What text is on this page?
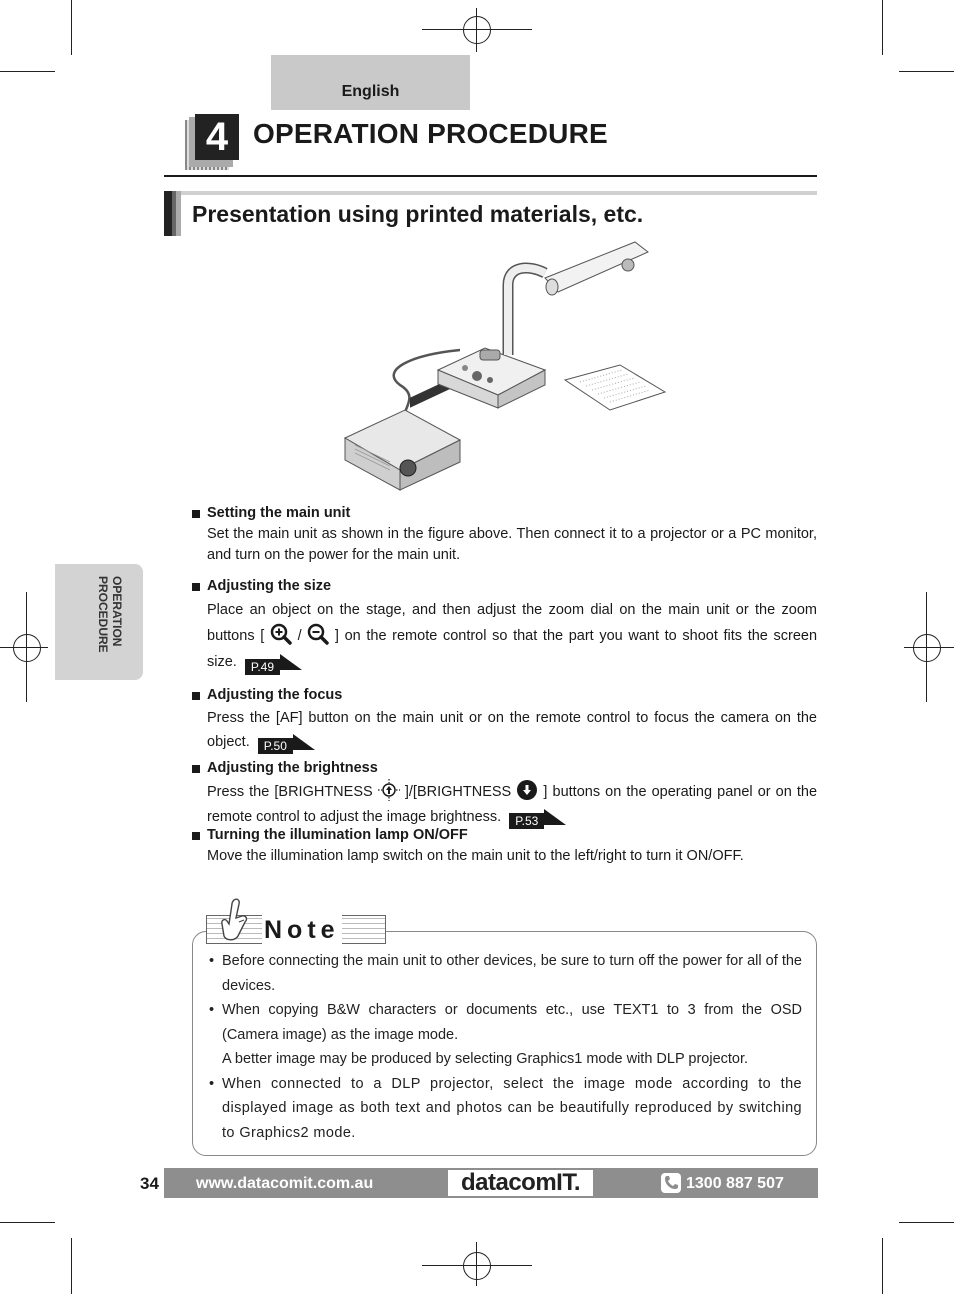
English
4 OPERATION PROCEDURE
Presentation using printed materials, etc.
OPERATION
PROCEDURE
Setting the main unit
Set the main unit as shown in the figure above. Then connect it to a projector or a PC monitor, and turn on the power for the main unit.
Adjusting the size
Place an object on the stage, and then adjust the zoom dial on the main unit or the zoom buttons [ / ] on the remote control so that the part you want to shoot fits the screen size. P.49
Adjusting the focus
Press the [AF] button on the main unit or on the remote control to focus the camera on the object. P.50
Adjusting the brightness
Press the [BRIGHTNESS ]/[BRIGHTNESS ] buttons on the operating panel or on the remote control to adjust the image brightness. P.53
Turning the illumination lamp ON/OFF
Move the illumination lamp switch on the main unit to the left/right to turn it ON/OFF.
Note
• Before connecting the main unit to other devices, be sure to turn off the power for all of the devices.
• When copying B&W characters or documents etc., use TEXT1 to 3 from the OSD (Camera image) as the image mode.
A better image may be produced by selecting Graphics1 mode with DLP projector.
• When connected to a DLP projector, select the image mode according to the displayed image as both text and photos can be beautifully reproduced by switching to Graphics2 mode.
34 www.datacomit.com.au	datacomIT.	1300 887 507
